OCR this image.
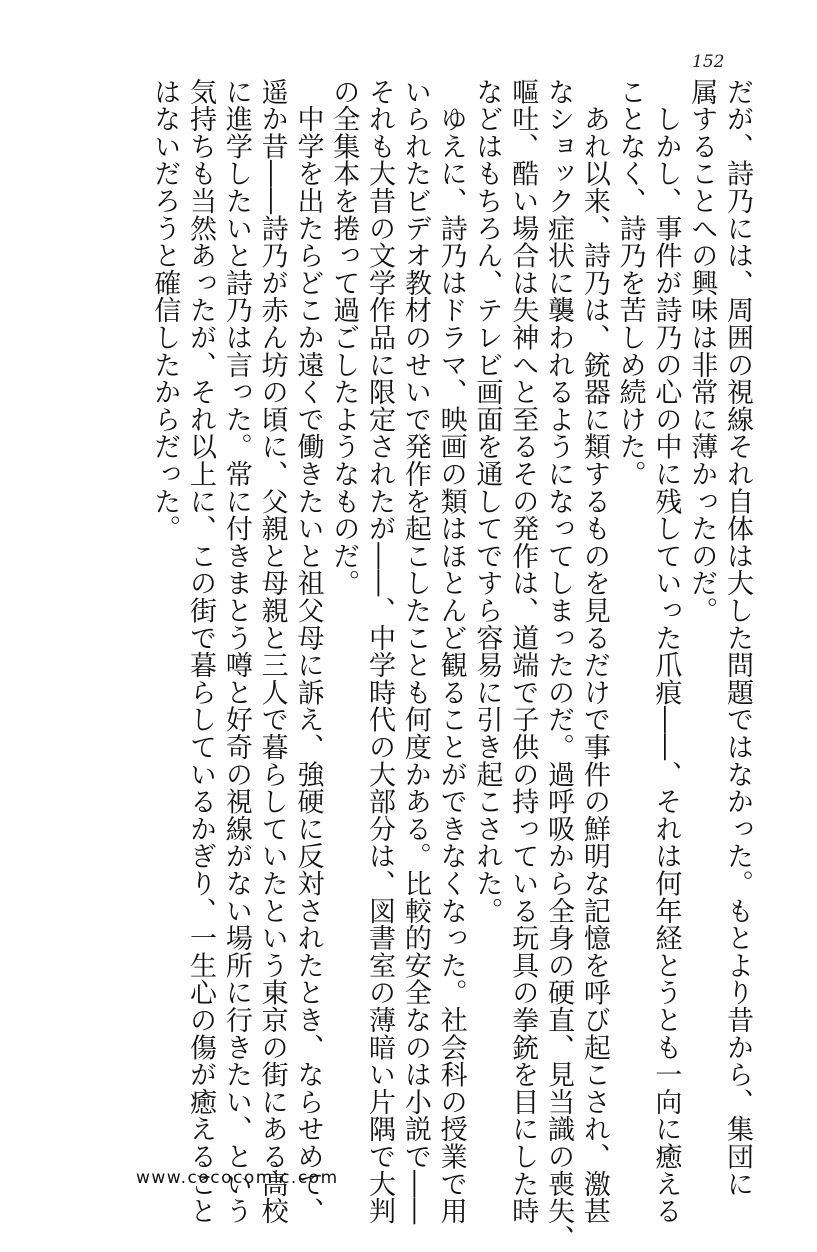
152

だが、詩乃には、周囲の視線それ自体は大した問題ではなかった。もとより昔から、集団に

属することへの興味は非常に薄かったのだ。

　しかし、事件が詩乃の心の中に残していった爪痕――、それは何年経とうとも一向に癒える

ことなく、詩乃を苦しめ続けた。

　あれ以来、詩乃は、銃器に類するものを見るだけで事件の鮮明な記憶を呼び起こされ、激甚

なショック症状に襲われるようになってしまったのだ。過呼吸から全身の硬直、見当識の喪失、

嘔吐、酷い場合は失神へと至るその発作は、道端で子供の持っている玩具の拳銃を目にした時

などはもちろん、テレビ画面を通してですら容易に引き起こされた。

　ゆえに、詩乃はドラマ、映画の類はほとんど観ることができなくなった。社会科の授業で用

いられたビデオ教材のせいで発作を起こしたことも何度かある。比較的安全なのは小説で――

それも大昔の文学作品に限定されたが――、中学時代の大部分は、図書室の薄暗い片隅で大判

の全集本を捲って過ごしたようなものだ。

　中学を出たらどこか遠くで働きたいと祖父母に訴え、強硬に反対されたとき、ならせめて、

遥か昔――詩乃が赤ん坊の頃に、父親と母親と三人で暮らしていたという東京の街にある高校

に進学したいと詩乃は言った。常に付きまとう噂と好奇の視線がない場所に行きたい、という

気持ちも当然あったが、それ以上に、この街で暮らしているかぎり、一生心の傷が癒えること

はないだろうと確信したからだった。

www.cococomic.com
